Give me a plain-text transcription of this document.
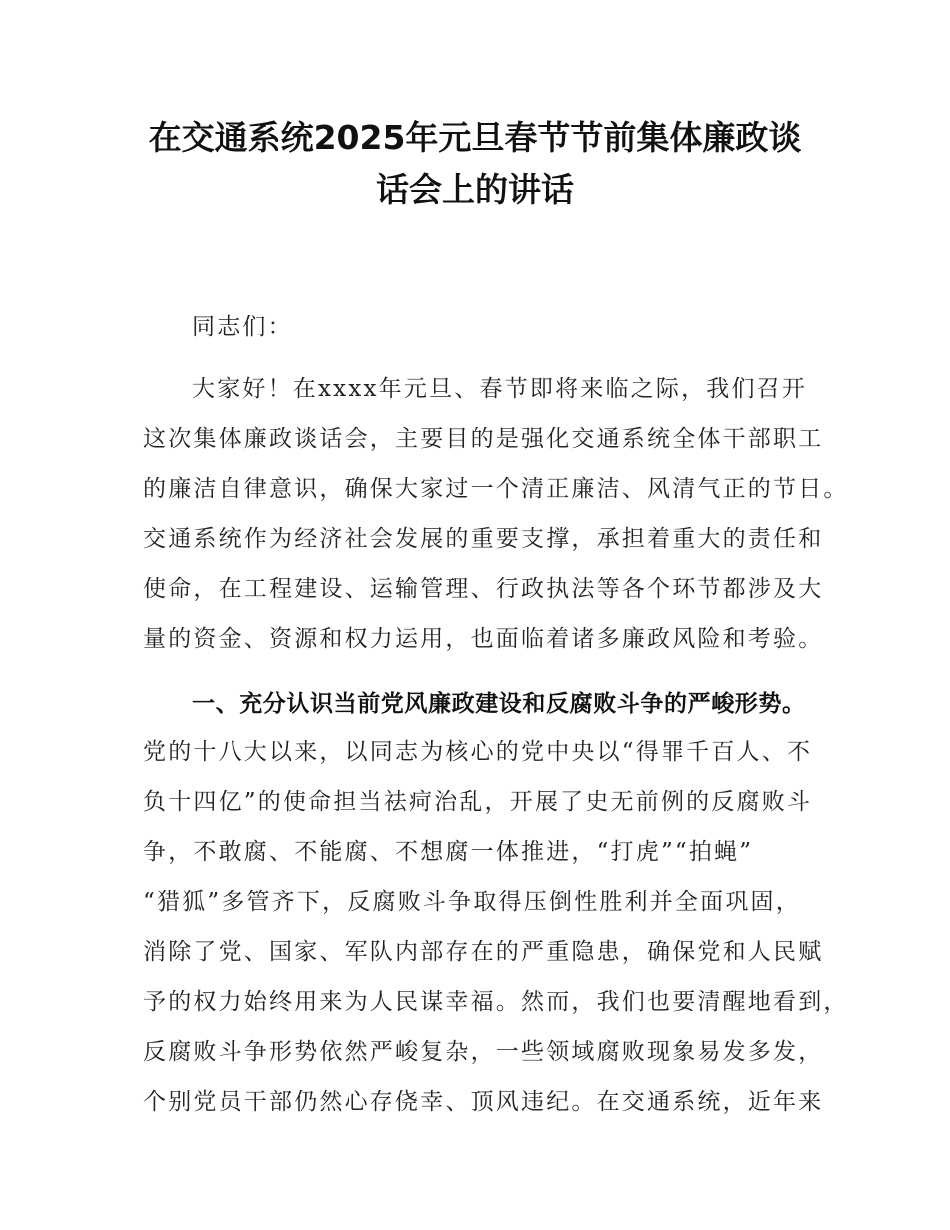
在交通系统2025年元旦春节节前集体廉政谈
话会上的讲话

同志们：

大家好！在xxxx年元旦、春节即将来临之际，我们召开

这次集体廉政谈话会，主要目的是强化交通系统全体干部职工

的廉洁自律意识，确保大家过一个清正廉洁、风清气正的节日。

交通系统作为经济社会发展的重要支撑，承担着重大的责任和

使命，在工程建设、运输管理、行政执法等各个环节都涉及大

量的资金、资源和权力运用，也面临着诸多廉政风险和考验。

一、充分认识当前党风廉政建设和反腐败斗争的严峻形势。

党的十八大以来，以同志为核心的党中央以“得罪千百人、不

负十四亿”的使命担当祛疴治乱，开展了史无前例的反腐败斗

争，不敢腐、不能腐、不想腐一体推进，“打虎”“拍蝇”

“猎狐”多管齐下，反腐败斗争取得压倒性胜利并全面巩固，

消除了党、国家、军队内部存在的严重隐患，确保党和人民赋

予的权力始终用来为人民谋幸福。然而，我们也要清醒地看到，

反腐败斗争形势依然严峻复杂，一些领域腐败现象易发多发，

个别党员干部仍然心存侥幸、顶风违纪。在交通系统，近年来
